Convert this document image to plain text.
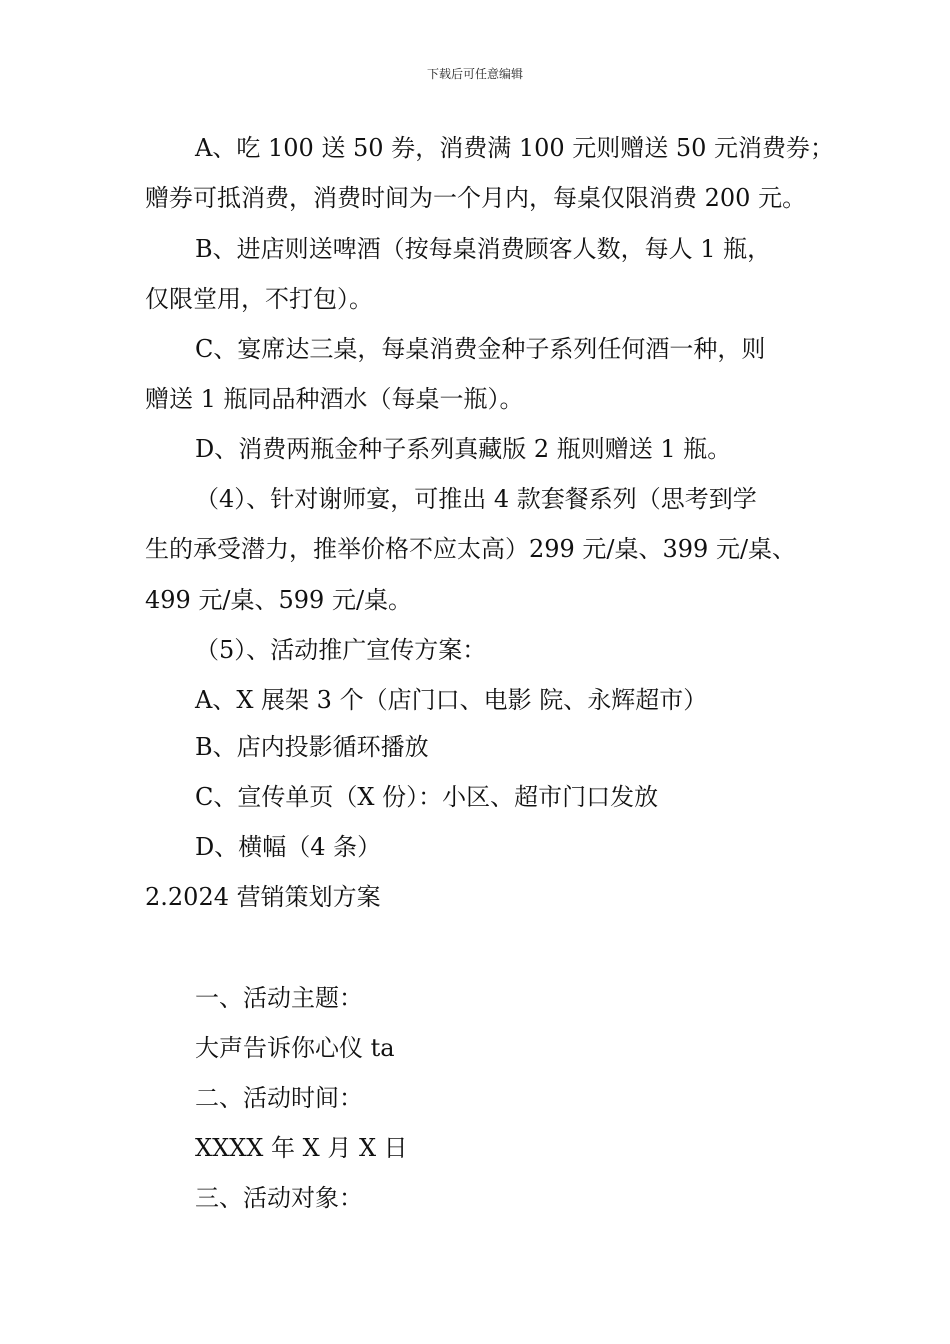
下载后可任意编辑
A、吃 100 送 50 券，消费满 100 元则赠送 50 元消费券；
赠券可抵消费，消费时间为一个月内，每桌仅限消费 200 元。
B、进店则送啤酒（按每桌消费顾客人数，每人 1 瓶，
仅限堂用，不打包）。
C、宴席达三桌，每桌消费金种子系列任何酒一种，则
赠送 1 瓶同品种酒水（每桌一瓶）。
D、消费两瓶金种子系列真藏版 2 瓶则赠送 1 瓶。
（4）、针对谢师宴，可推出 4 款套餐系列（思考到学
生的承受潜力，推举价格不应太高）299 元/桌、399 元/桌、
499 元/桌、599 元/桌。
（5）、活动推广宣传方案：
A、X 展架 3 个（店门口、电影 院、永辉超市）
B、店内投影循环播放
C、宣传单页（X 份）：小区、超市门口发放
D、横幅（4 条）
2.2024 营销策划方案
一、活动主题：
大声告诉你心仪 ta
二、活动时间：
XXXX 年 X 月 X 日
三、活动对象：
